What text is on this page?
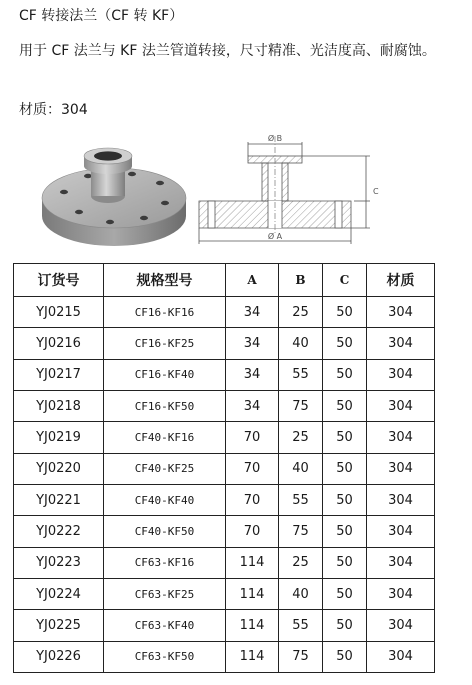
CF 转接法兰（CF 转 KF）
用于 CF 法兰与 KF 法兰管道转接，尺寸精准、光洁度高、耐腐蚀。
材质：304
Ø B
C
Ø A
订货号	规格型号	A	B	C	材质
YJ0215	CF16-KF16	34	25	50	304
YJ0216	CF16-KF25	34	40	50	304
YJ0217	CF16-KF40	34	55	50	304
YJ0218	CF16-KF50	34	75	50	304
YJ0219	CF40-KF16	70	25	50	304
YJ0220	CF40-KF25	70	40	50	304
YJ0221	CF40-KF40	70	55	50	304
YJ0222	CF40-KF50	70	75	50	304
YJ0223	CF63-KF16	114	25	50	304
YJ0224	CF63-KF25	114	40	50	304
YJ0225	CF63-KF40	114	55	50	304
YJ0226	CF63-KF50	114	75	50	304
